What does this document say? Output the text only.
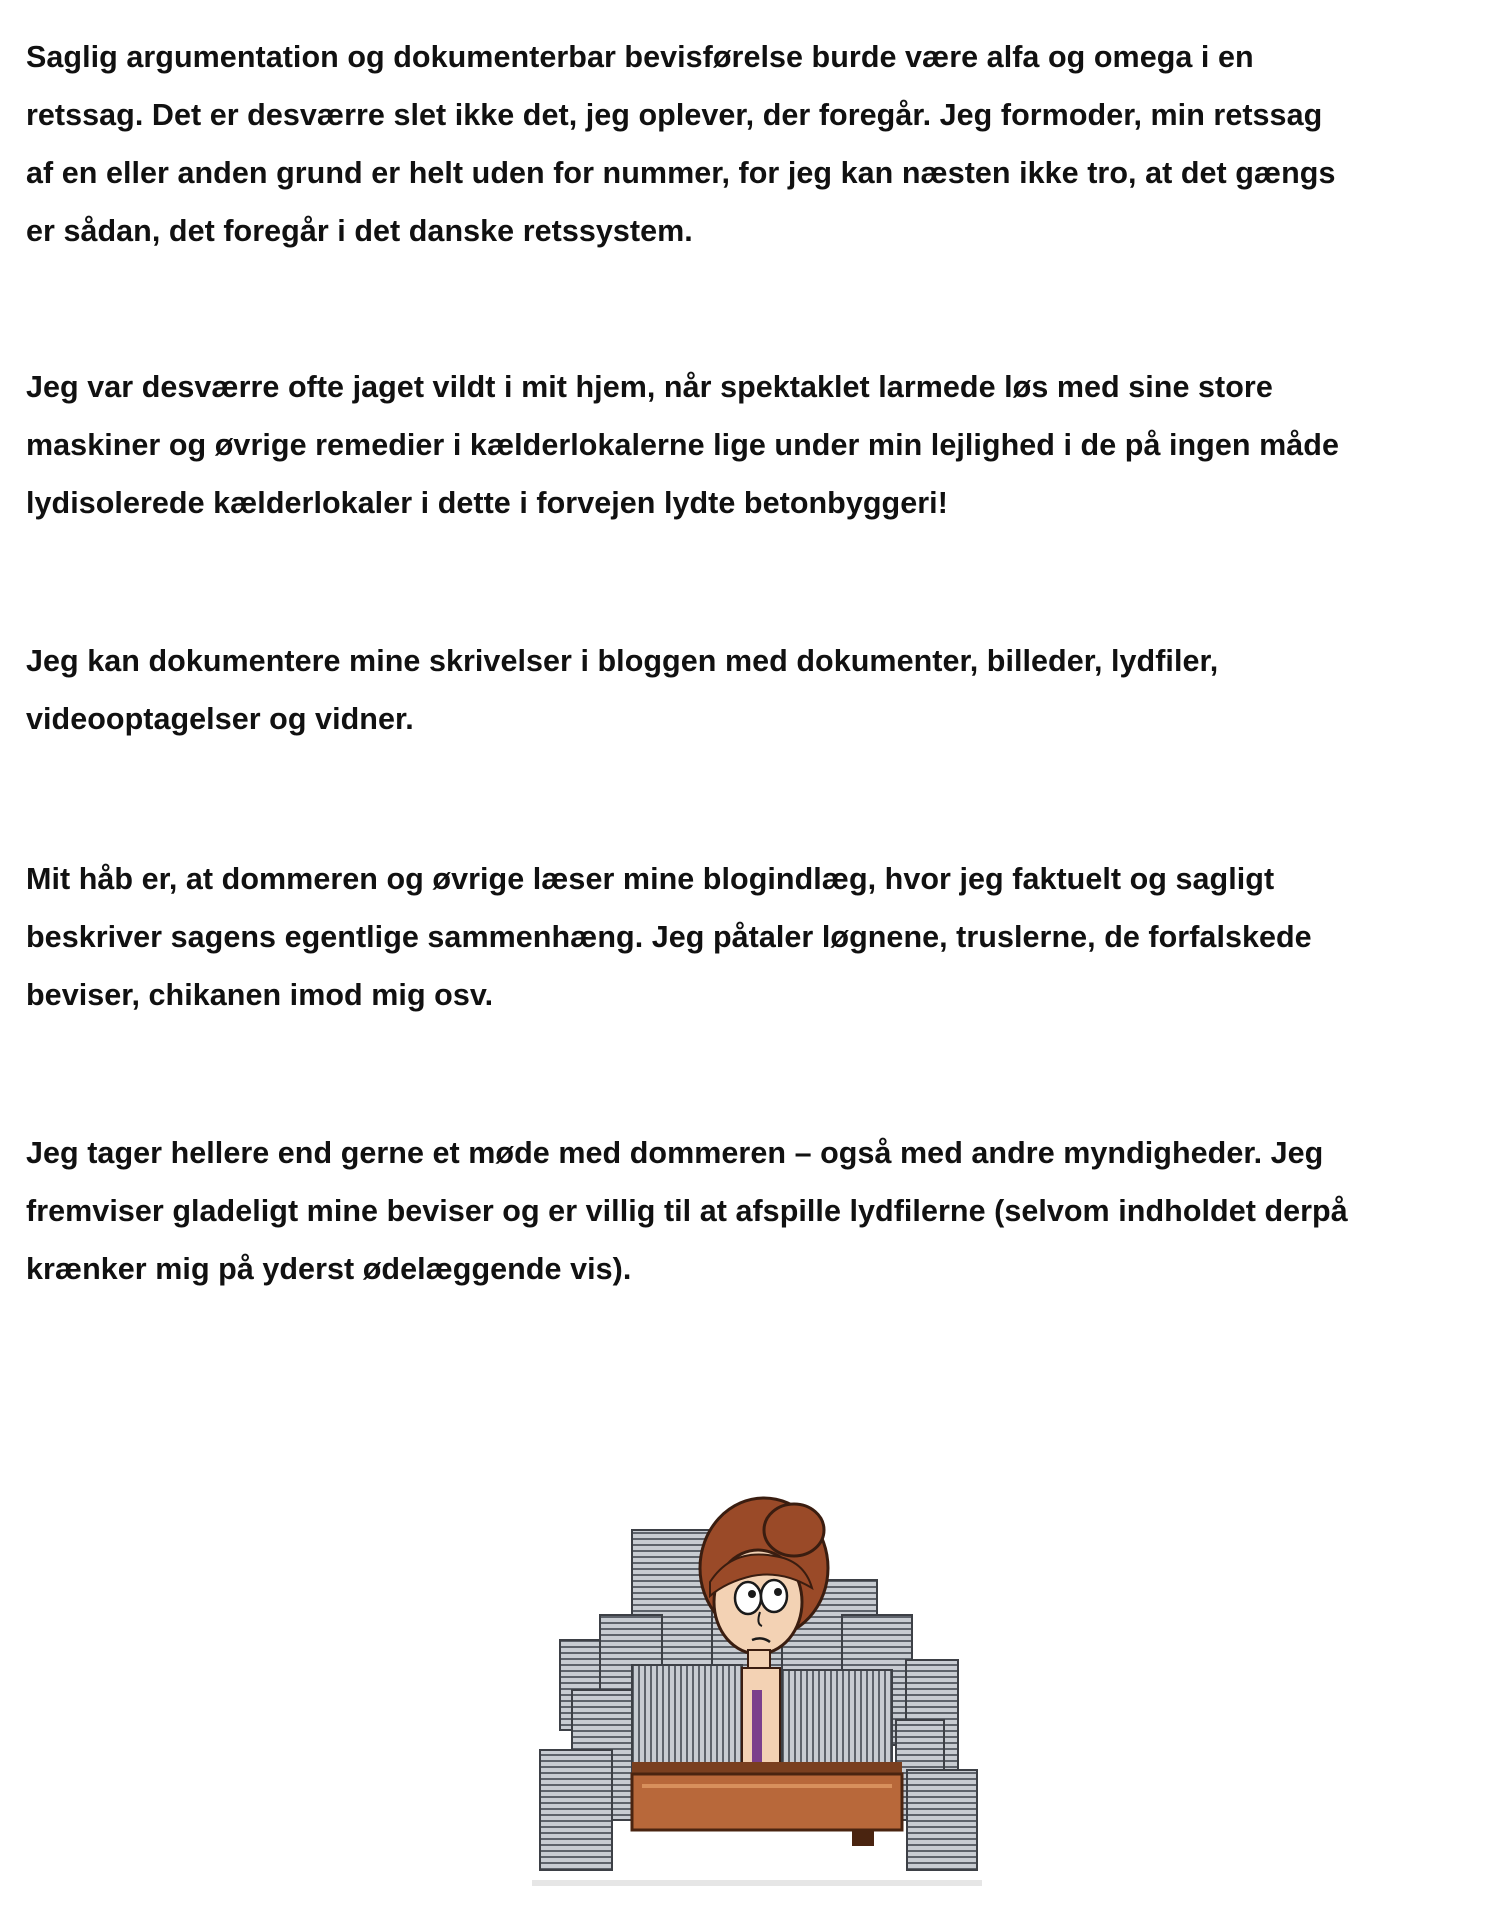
Saglig argumentation og dokumenterbar bevisførelse burde være alfa og omega i en
retssag. Det er desværre slet ikke det, jeg oplever, der foregår. Jeg formoder, min retssag
af en eller anden grund er helt uden for nummer, for jeg kan næsten ikke tro, at det gængs
er sådan, det foregår i det danske retssystem.

Jeg var desværre ofte jaget vildt i mit hjem, når spektaklet larmede løs med sine store
maskiner og øvrige remedier i kælderlokalerne lige under min lejlighed i de på ingen måde
lydisolerede kælderlokaler i dette i forvejen lydte betonbyggeri!

Jeg kan dokumentere mine skrivelser i bloggen med dokumenter, billeder, lydfiler,
videooptagelser og vidner.

Mit håb er, at dommeren og øvrige læser mine blogindlæg, hvor jeg faktuelt og sagligt
beskriver sagens egentlige sammenhæng. Jeg påtaler løgnene, truslerne, de forfalskede
beviser, chikanen imod mig osv.

Jeg tager hellere end gerne et møde med dommeren – også med andre myndigheder. Jeg
fremviser gladeligt mine beviser og er villig til at afspille lydfilerne (selvom indholdet derpå
krænker mig på yderst ødelæggende vis).
